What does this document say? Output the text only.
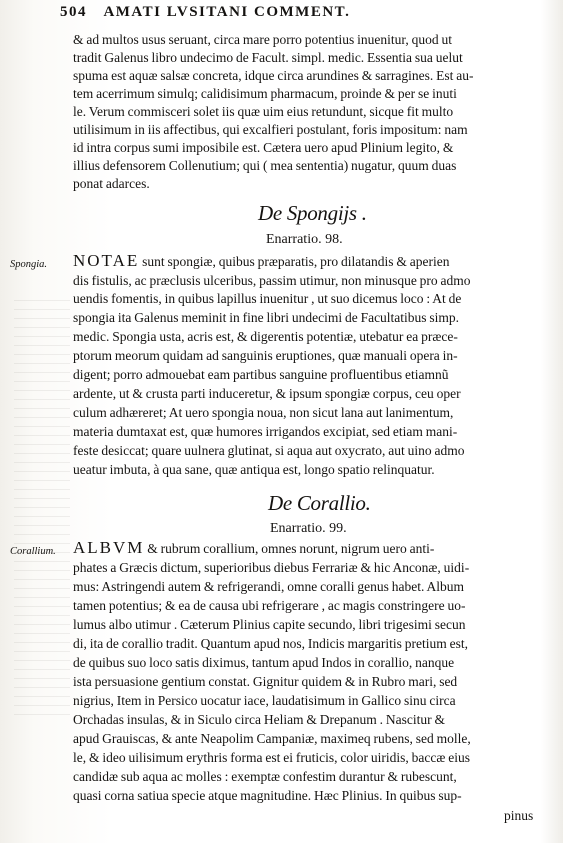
504 AMATI LVSITANI COMMENT.
& ad multos usus seruant, circa mare porro potentius inuenitur, quod ut
tradit Galenus libro undecimo de Facult. simpl. medic. Essentia sua uelut
spuma est aquæ salsæ concreta, idque circa arundines & sarragines. Est au-
tem acerrimum simulq; calidisimum pharmacum, proinde & per se inuti
le. Verum commisceri solet iis quæ uim eius retundunt, sicque fit multo
utilisimum in iis affectibus, qui excalfieri postulant, foris impositum: nam
id intra corpus sumi imposibile est. Cætera uero apud Plinium legito, &
illius defensorem Collenutium; qui ( mea sententia) nugatur, quum duas
ponat adarces.
De Spongijs .
Enarratio. 98.
Spongia. NOTAE sunt spongiæ, quibus præparatis, pro dilatandis & aperien
dis fistulis, ac præclusis ulceribus, passim utimur, non minusque pro admo
uendis fomentis, in quibus lapillus inuenitur , ut suo dicemus loco : At de
spongia ita Galenus meminit in fine libri undecimi de Facultatibus simp.
medic. Spongia usta, acris est, & digerentis potentiæ, utebatur ea præce-
ptorum meorum quidam ad sanguinis eruptiones, quæ manuali opera in-
digent; porro admouebat eam partibus sanguine profluentibus etiamnũ
ardente, ut & crusta parti induceretur, & ipsum spongiæ corpus, ceu oper
culum adhæreret; At uero spongia noua, non sicut lana aut lanimentum,
materia dumtaxat est, quæ humores irrigandos excipiat, sed etiam mani-
feste desiccat; quare uulnera glutinat, si aqua aut oxycrato, aut uino admo
ueatur imbuta, à qua sane, quæ antiqua est, longo spatio relinquatur.
De Corallio.
Enarratio. 99.
Corallium. ALBVM & rubrum corallium, omnes norunt, nigrum uero anti-
phates a Græcis dictum, superioribus diebus Ferrariæ & hic Anconæ, uidi-
mus: Astringendi autem & refrigerandi, omne coralli genus habet. Album
tamen potentius; & ea de causa ubi refrigerare , ac magis constringere uo-
lumus albo utimur . Cæterum Plinius capite secundo, libri trigesimi secun
di, ita de corallio tradit. Quantum apud nos, Indicis margaritis pretium est,
de quibus suo loco satis diximus, tantum apud Indos in corallio, nanque
ista persuasione gentium constat. Gignitur quidem & in Rubro mari, sed
nigrius, Item in Persico uocatur iace, laudatisimum in Gallico sinu circa
Orchadas insulas, & in Siculo circa Heliam & Drepanum . Nascitur &
apud Grauiscas, & ante Neapolim Campaniæ, maximeq rubens, sed molle,
le, & ideo uilisimum erythris forma est ei fruticis, color uiridis, baccæ eius
candidæ sub aqua ac molles : exemptæ confestim durantur & rubescunt,
quasi corna satiua specie atque magnitudine. Hæc Plinius. In quibus sup-
pinus
